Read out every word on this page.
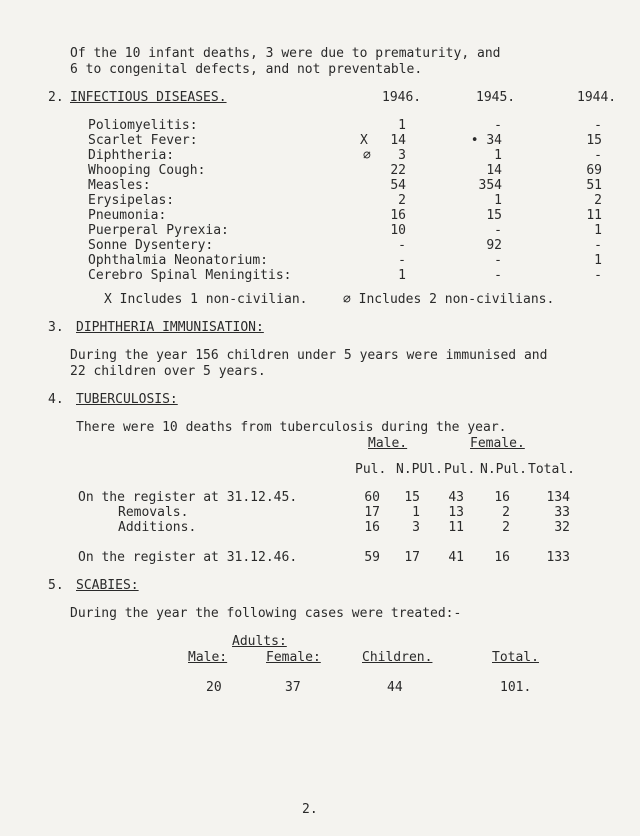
Of the 10 infant deaths, 3 were due to prematurity, and
6 to congenital defects, and not preventable.
2. INFECTIOUS DISEASES.	1946.	1945.	1944.
Poliomyelitis:	1	-	-
Scarlet Fever:	X	14	• 34	15
Diphtheria:	∅	3	1	-
Whooping Cough:	22	14	69
Measles:	54	354	51
Erysipelas:	2	1	2
Pneumonia:	16	15	11
Puerperal Pyrexia:	10	-	1
Sonne Dysentery:	-	92	-
Ophthalmia Neonatorium:	-	-	1
Cerebro Spinal Meningitis:	1	-	-
X Includes 1 non-civilian.	∅ Includes 2 non-civilians.
3. DIPHTHERIA IMMUNISATION:
During the year 156 children under 5 years were immunised and
22 children over 5 years.
4. TUBERCULOSIS:
There were 10 deaths from tuberculosis during the year.
Male.	Female.
Pul. N.PUl. Pul. N.Pul. Total.
On the register at 31.12.45.	60	15	43	16	134
Removals.	17	1	13	2	33
Additions.	16	3	11	2	32
On the register at 31.12.46.	59	17	41	16	133
5. SCABIES:
During the year the following cases were treated:-
Adults:
Male:	Female:	Children.	Total.
20	37	44	101.
2.
